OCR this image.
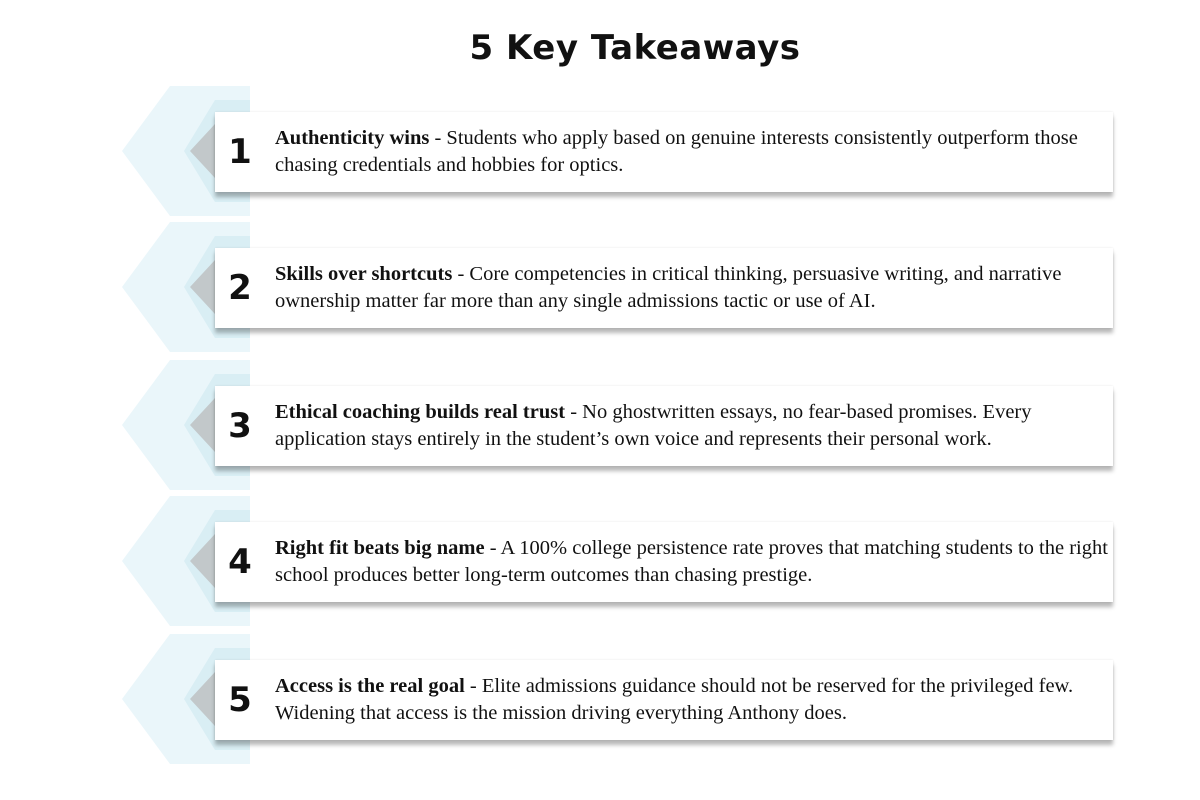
5 Key Takeaways
1	Authenticity wins - Students who apply based on genuine interests consistently outperform those chasing credentials and hobbies for optics.
2	Skills over shortcuts - Core competencies in critical thinking, persuasive writing, and narrative ownership matter far more than any single admissions tactic or use of AI.
3	Ethical coaching builds real trust - No ghostwritten essays, no fear-based promises. Every application stays entirely in the student’s own voice and represents their personal work.
4	Right fit beats big name - A 100% college persistence rate proves that matching students to the right school produces better long-term outcomes than chasing prestige.
5	Access is the real goal - Elite admissions guidance should not be reserved for the privileged few. Widening that access is the mission driving everything Anthony does.
